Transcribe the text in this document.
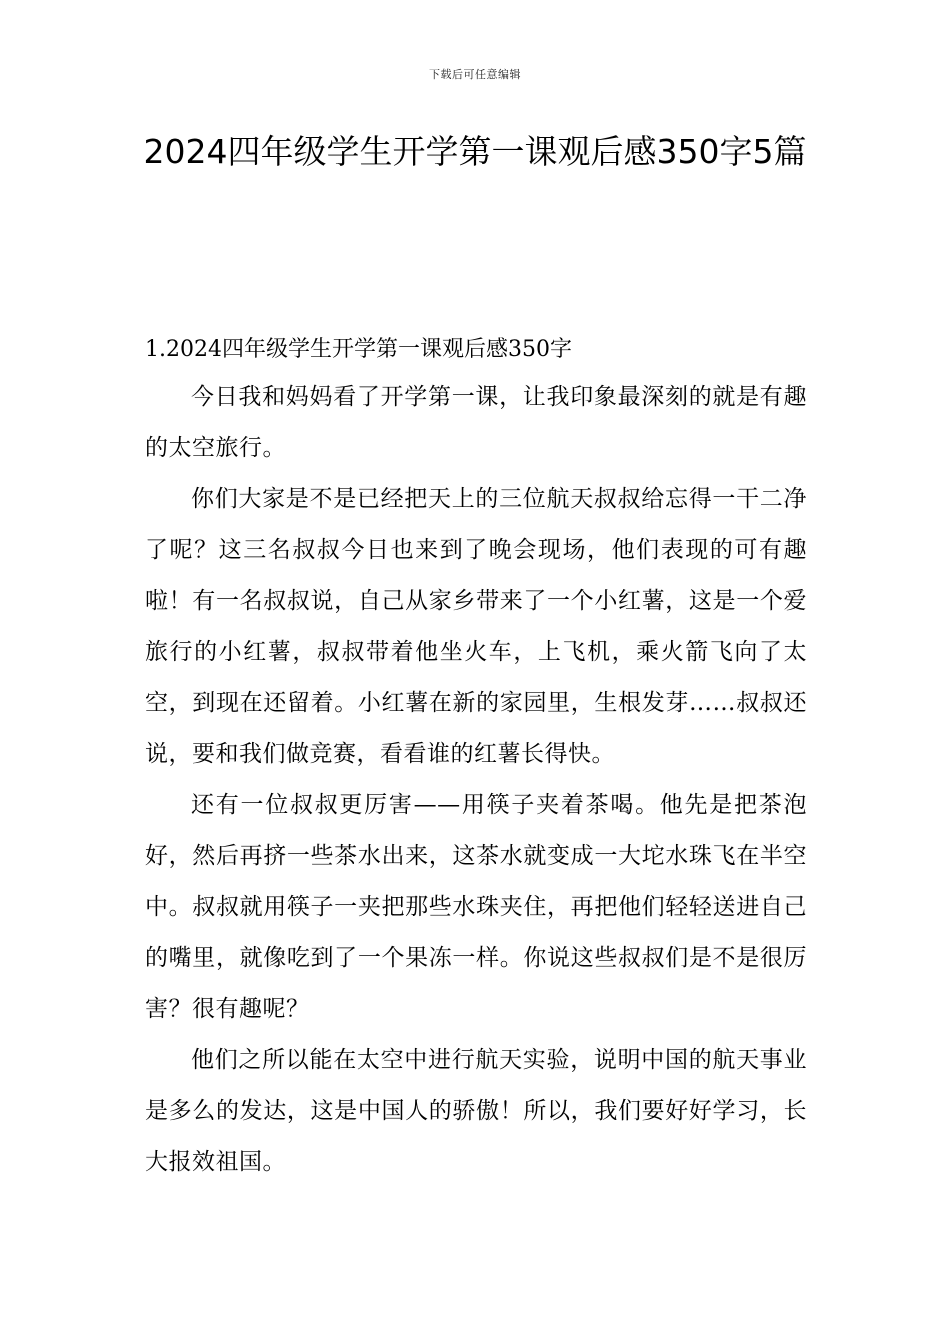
下载后可任意编辑
2024四年级学生开学第一课观后感350字5篇

1.2024四年级学生开学第一课观后感350字

今日我和妈妈看了开学第一课，让我印象最深刻的就是有趣的太空旅行。

你们大家是不是已经把天上的三位航天叔叔给忘得一干二净了呢？这三名叔叔今日也来到了晚会现场，他们表现的可有趣啦！有一名叔叔说，自己从家乡带来了一个小红薯，这是一个爱旅行的小红薯，叔叔带着他坐火车，上飞机，乘火箭飞向了太空，到现在还留着。小红薯在新的家园里，生根发芽……叔叔还说，要和我们做竞赛，看看谁的红薯长得快。

还有一位叔叔更厉害——用筷子夹着茶喝。他先是把茶泡好，然后再挤一些茶水出来，这茶水就变成一大坨水珠飞在半空中。叔叔就用筷子一夹把那些水珠夹住，再把他们轻轻送进自己的嘴里，就像吃到了一个果冻一样。你说这些叔叔们是不是很厉害？很有趣呢？

他们之所以能在太空中进行航天实验，说明中国的航天事业是多么的发达，这是中国人的骄傲！所以，我们要好好学习，长大报效祖国。
